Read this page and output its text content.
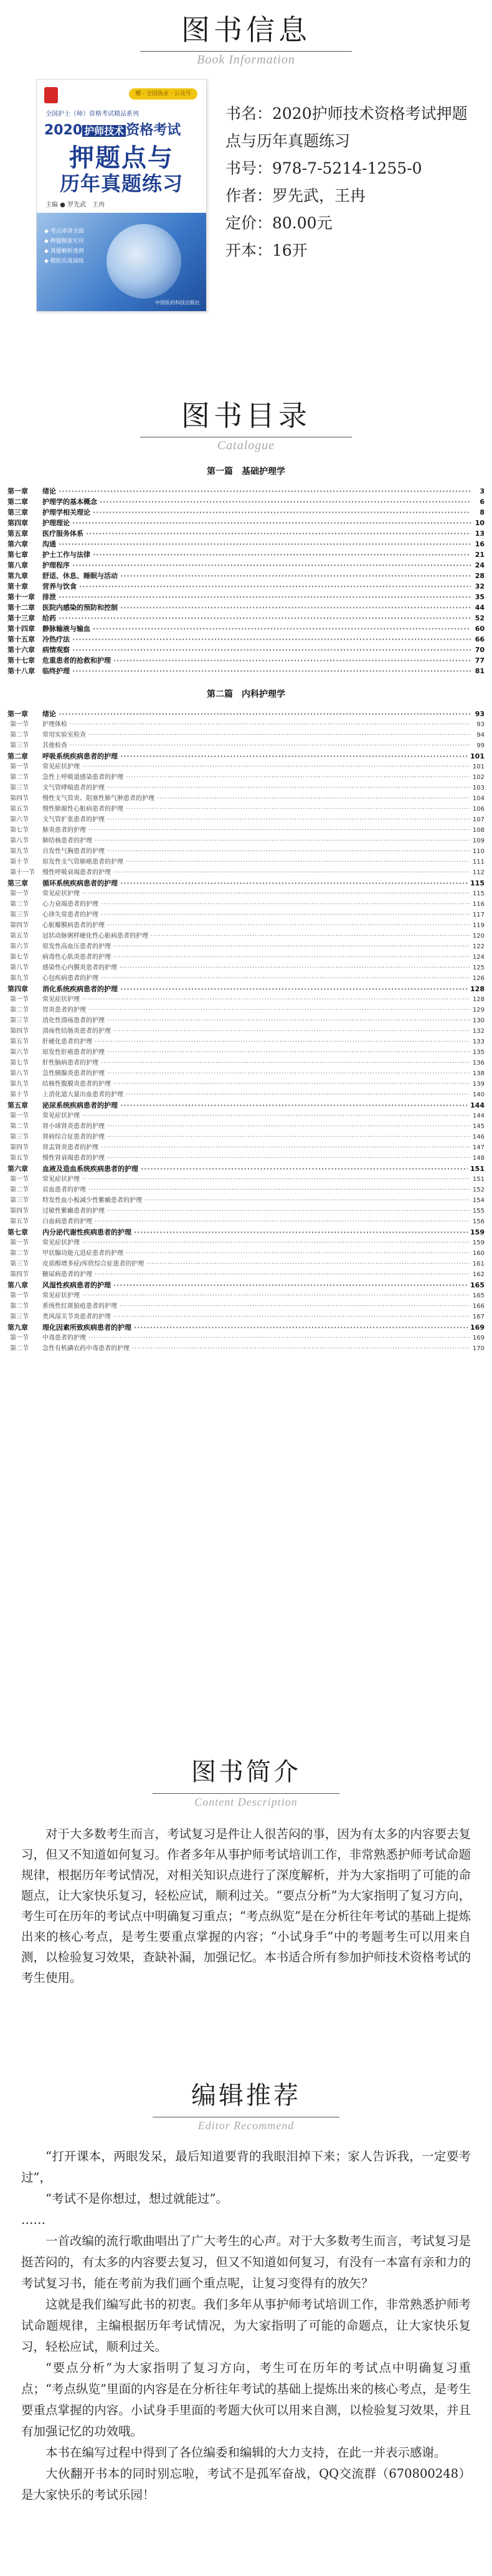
图书信息
Book Information
赠 · 全国执业 · 公众号
全国护士（师）资格考试精品系列
2020 护师技术 资格考试
押题点与
历年真题练习
主编 ● 罗先武　王冉
◆ 考点串讲全面
◆ 押题精准实用
◆ 真题解析透彻
◆ 模拟实战演练
中国医药科技出版社
书名：2020护师技术资格考试押题点与历年真题练习
书号：978-7-5214-1255-0
作者：罗先武，王冉
定价：80.00元
开本：16开
图书目录
Catalogue
第一篇　基础护理学
第一章	绪论 ·····	3
第二章	护理学的基本概念 ·····	6
第三章	护理学相关理论 ·····	8
第四章	护理理论 ·····	10
第五章	医疗服务体系 ·····	13
第六章	沟通 ·····	16
第七章	护士工作与法律 ·····	21
第八章	护理程序 ·····	24
第九章	舒适、休息、睡眠与活动 ·····	28
第十章	营养与饮食 ·····	32
第十一章	排泄 ·····	35
第十二章	医院内感染的预防和控制 ·····	44
第十三章	给药 ·····	52
第十四章	静脉输液与输血 ·····	60
第十五章	冷热疗法 ·····	66
第十六章	病情观察 ·····	70
第十七章	危重患者的抢救和护理 ·····	77
第十八章	临终护理 ·····	81
第二篇　内科护理学
第一章	绪论 ·····	93
第一节	护理体检 ·····	93
第二节	常用实验室检查 ·····	94
第三节	其他检查 ·····	99
第二章	呼吸系统疾病患者的护理 ·····	101
第一节	常见症状护理 ·····	101
第二节	急性上呼吸道感染患者的护理 ·····	102
第三节	支气管哮喘患者的护理 ·····	103
第四节	慢性支气管炎、阻塞性肺气肿患者的护理 ·····	104
第五节	慢性肺源性心脏病患者的护理 ·····	106
第六节	支气管扩张患者的护理 ·····	107
第七节	肺炎患者的护理 ·····	108
第八节	肺结核患者的护理 ·····	109
第九节	自发性气胸患者的护理 ·····	110
第十节	原发性支气管肺癌患者的护理 ·····	111
第十一节	慢性呼吸衰竭患者的护理 ·····	112
第三章	循环系统疾病患者的护理 ·····	115
第一节	常见症状护理 ·····	115
第二节	心力衰竭患者的护理 ·····	116
第三节	心律失常患者的护理 ·····	117
第四节	心脏瓣膜病患者的护理 ·····	119
第五节	冠状动脉粥样硬化性心脏病患者的护理 ·····	120
第六节	原发性高血压患者的护理 ·····	122
第七节	病毒性心肌炎患者的护理 ·····	124
第八节	感染性心内膜炎患者的护理 ·····	125
第九节	心包疾病患者的护理 ·····	126
第四章	消化系统疾病患者的护理 ·····	128
第一节	常见症状护理 ·····	128
第二节	胃炎患者的护理 ·····	129
第三节	消化性溃疡患者的护理 ·····	130
第四节	溃疡性结肠炎患者的护理 ·····	132
第五节	肝硬化患者的护理 ·····	133
第六节	原发性肝癌患者的护理 ·····	135
第七节	肝性脑病患者的护理 ·····	136
第八节	急性胰腺炎患者的护理 ·····	138
第九节	结核性腹膜炎患者的护理 ·····	139
第十节	上消化道大量出血患者的护理 ·····	140
第五章	泌尿系统疾病患者的护理 ·····	144
第一节	常见症状护理 ·····	144
第二节	肾小球肾炎患者的护理 ·····	145
第三节	肾病综合征患者的护理 ·····	146
第四节	肾盂肾炎患者的护理 ·····	147
第五节	慢性肾衰竭患者的护理 ·····	148
第六章	血液及造血系统疾病患者的护理 ·····	151
第一节	常见症状护理 ·····	151
第二节	贫血患者的护理 ·····	152
第三节	特发性血小板减少性紫癜患者的护理 ·····	154
第四节	过敏性紫癜患者的护理 ·····	155
第五节	白血病患者的护理 ·····	156
第七章	内分泌代谢性疾病患者的护理 ·····	159
第一节	常见症状护理 ·····	159
第二节	甲状腺功能亢进症患者的护理 ·····	160
第三节	皮质醇增多症/库欣综合征患者的护理 ·····	161
第四节	糖尿病患者的护理 ·····	162
第八章	风湿性疾病患者的护理 ·····	165
第一节	常见症状护理 ·····	165
第二节	系统性红斑狼疮患者的护理 ·····	166
第三节	类风湿关节炎患者的护理 ·····	167
第九章	理化因素所致疾病患者的护理 ·····	169
第一节	中毒患者的护理 ·····	169
第二节	急性有机磷农药中毒患者的护理 ·····	170
图书简介
Content Description
对于大多数考生而言，考试复习是件让人很苦闷的事，因为有太多的内容要去复习，但又不知道如何复习。作者多年从事护师考试培训工作，非常熟悉护师考试命题规律，根据历年考试情况，对相关知识点进行了深度解析，并为大家指明了可能的命题点，让大家快乐复习，轻松应试，顺利过关。“要点分析”为大家指明了复习方向，考生可在历年的考试点中明确复习重点；“考点纵览”是在分析往年考试的基础上提炼出来的核心考点，是考生要重点掌握的内容；“小试身手”中的考题考生可以用来自测，以检验复习效果，查缺补漏，加强记忆。本书适合所有参加护师技术资格考试的考生使用。
编辑推荐
Editor Recommend

“打开课本，两眼发呆，最后知道要背的我眼泪掉下来；家人告诉我，一定要考过”，

“考试不是你想过，想过就能过”。

……

一首改编的流行歌曲唱出了广大考生的心声。对于大多数考生而言，考试复习是挺苦闷的，有太多的内容要去复习，但又不知道如何复习，有没有一本富有亲和力的考试复习书，能在考前为我们画个重点呢，让复习变得有的放矢？

这就是我们编写此书的初衷。我们多年从事护师考试培训工作，非常熟悉护师考试命题规律，主编根据历年考试情况，为大家指明了可能的命题点，让大家快乐复习，轻松应试，顺利过关。

“要点分析”为大家指明了复习方向，考生可在历年的考试点中明确复习重点；“考点纵览”里面的内容是在分析往年考试的基础上提炼出来的核心考点，是考生要重点掌握的内容。小试身手里面的考题大伙可以用来自测，以检验复习效果，并且有加强记忆的功效哦。

本书在编写过程中得到了各位编委和编辑的大力支持，在此一并表示感谢。

大伙翻开书本的同时别忘啦，考试不是孤军奋战，QQ交流群（670800248）是大家快乐的考试乐园！
